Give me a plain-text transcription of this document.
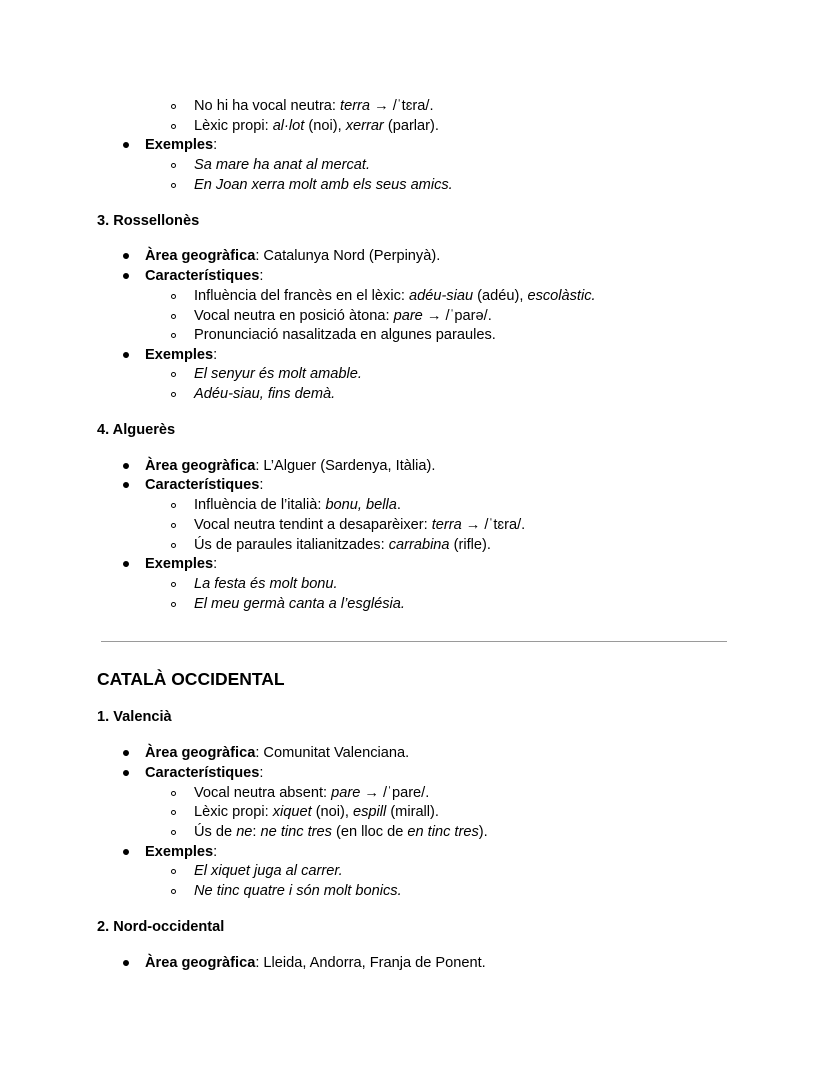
No hi ha vocal neutra: terra → /ˈtɛra/.
Lèxic propi: al·lot (noi), xerrar (parlar).
Exemples:
Sa mare ha anat al mercat.
En Joan xerra molt amb els seus amics.
3. Rossellonès
Àrea geogràfica: Catalunya Nord (Perpinyà).
Característiques:
Influència del francès en el lèxic: adéu-siau (adéu), escolàstic.
Vocal neutra en posició àtona: pare → /ˈparə/.
Pronunciació nasalitzada en algunes paraules.
Exemples:
El senyur és molt amable.
Adéu-siau, fins demà.
4. Alguerès
Àrea geogràfica: L’Alguer (Sardenya, Itàlia).
Característiques:
Influència de l’italià: bonu, bella.
Vocal neutra tendint a desaparèixer: terra → /ˈtɛra/.
Ús de paraules italianitzades: carrabina (rifle).
Exemples:
La festa és molt bonu.
El meu germà canta a l’església.
CATALÀ OCCIDENTAL
1. Valencià
Àrea geogràfica: Comunitat Valenciana.
Característiques:
Vocal neutra absent: pare → /ˈpare/.
Lèxic propi: xiquet (noi), espill (mirall).
Ús de ne: ne tinc tres (en lloc de en tinc tres).
Exemples:
El xiquet juga al carrer.
Ne tinc quatre i són molt bonics.
2. Nord-occidental
Àrea geogràfica: Lleida, Andorra, Franja de Ponent.
